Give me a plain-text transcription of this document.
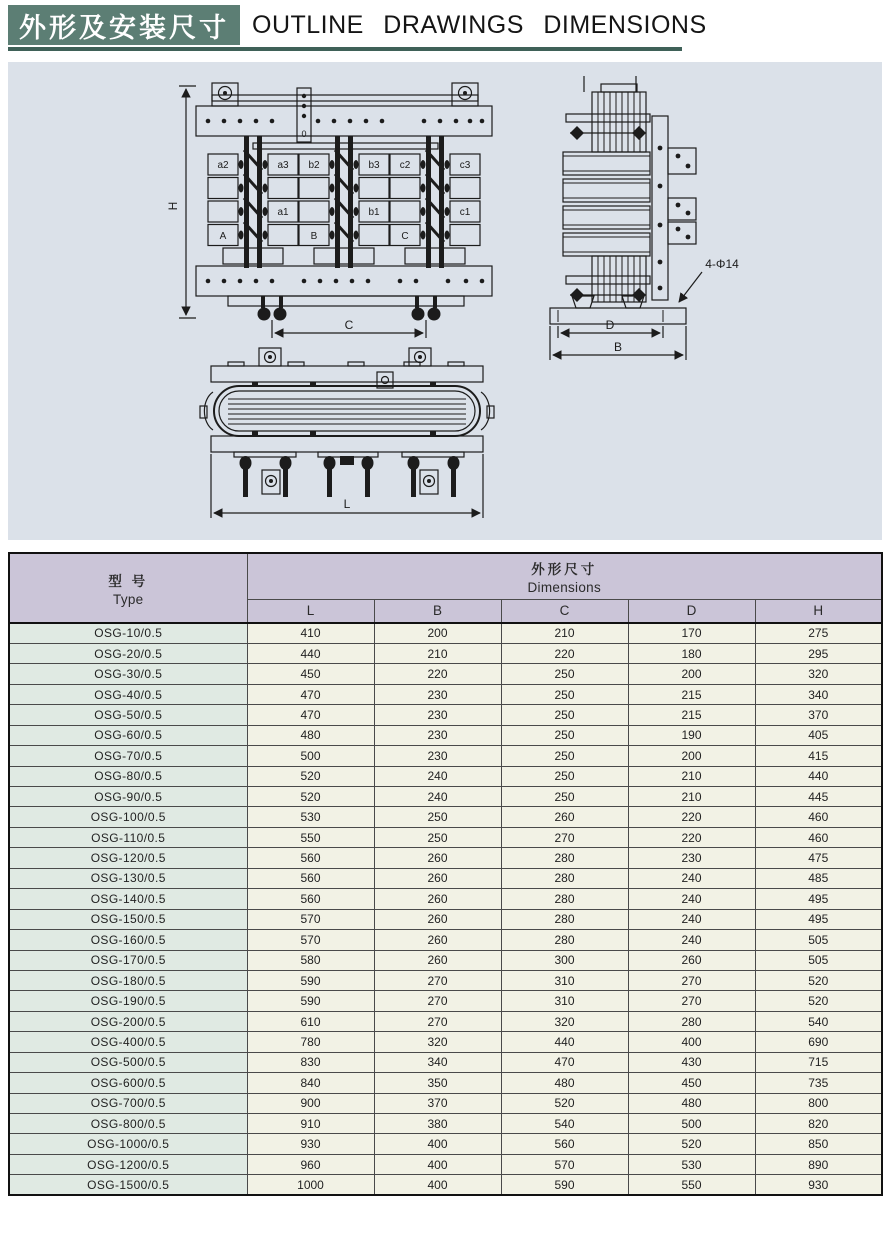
外形及安装尺寸 OUTLINE DRAWINGS DIMENSIONS
H
C	D
B
L
4-Φ14
0
a2	a3 b2	b3 c2	c3
a1	b1	c1
A	B	C
型 号
Type

外形尺寸
Dimensions

	L	B	C	D	H
OSG-10/0.5	410	200	210	170	275
OSG-20/0.5	440	210	220	180	295
OSG-30/0.5	450	220	250	200	320
OSG-40/0.5	470	230	250	215	340
OSG-50/0.5	470	230	250	215	370
OSG-60/0.5	480	230	250	190	405
OSG-70/0.5	500	230	250	200	415
OSG-80/0.5	520	240	250	210	440
OSG-90/0.5	520	240	250	210	445
OSG-100/0.5	530	250	260	220	460
OSG-110/0.5	550	250	270	220	460
OSG-120/0.5	560	260	280	230	475
OSG-130/0.5	560	260	280	240	485
OSG-140/0.5	560	260	280	240	495
OSG-150/0.5	570	260	280	240	495
OSG-160/0.5	570	260	280	240	505
OSG-170/0.5	580	260	300	260	505
OSG-180/0.5	590	270	310	270	520
OSG-190/0.5	590	270	310	270	520
OSG-200/0.5	610	270	320	280	540
OSG-400/0.5	780	320	440	400	690
OSG-500/0.5	830	340	470	430	715
OSG-600/0.5	840	350	480	450	735
OSG-700/0.5	900	370	520	480	800
OSG-800/0.5	910	380	540	500	820
OSG-1000/0.5	930	400	560	520	850
OSG-1200/0.5	960	400	570	530	890
OSG-1500/0.5	1000	400	590	550	930
